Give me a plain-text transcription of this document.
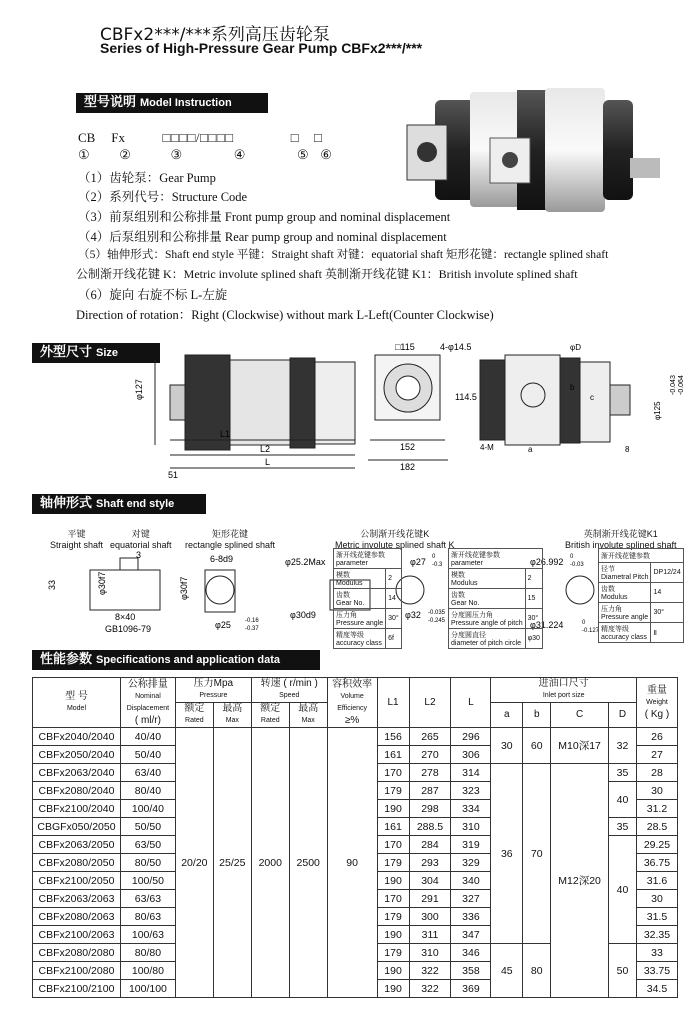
CBFx2***/***系列高压齿轮泵
Series of High-Pressure Gear Pump CBFx2***/***
型号说明 Model Instruction
CB Fx	□□□□/□□□□	□ □
① ②	③	④	⑤ ⑥
（1）齿轮泵：Gear Pump
（2）系列代号：Structure Code
（3）前泵组别和公称排量 Front pump group and nominal displacement
（4）后泵组别和公称排量 Rear pump group and nominal displacement
（5）轴伸形式：Shaft end style 平键：Straight shaft 对键：equatorial shaft 矩形花键：rectangle splined shaft
公制渐开线花键 K：Metric involute splined shaft 英制渐开线花键 K1：British involute splined shaft
（6）旋向 右旋不标 L-左旋
Direction of rotation：Right (Clockwise) without mark L-Left(Counter Clockwise)
外型尺寸 Size
φ127
L1
L2
L
51
□115	4-φ14.5
114.5
152
182
4-M	a
b
c
φD
φ125
-0.043 -0.064
8
轴伸形式 Shaft end style
平键
Straight shaft
对键
equatorial shaft
矩形花键
rectangle splined shaft
公制渐开线花键K
Metric involute splined shaft K
英制渐开线花键K1
British involute splined shaft
3
33	φ30f7
8×40
GB1096-79
6-8d9
φ30f7
φ25 -0.16
-0.37
φ25.2Max
φ30d9
φ27 0
-0.3
φ32 -0.035
-0.245
φ26.992 0
-0.03
φ31.224	0
-0.127
渐开线花键参数
parameter	
模数
Modulus	2
齿数
Gear No.	14
压力角
Pressure angle	30°
精度等级
accuracy class	6f
渐开线花键参数
parameter	
模数
Modulus	2
齿数
Gear No.	15
分度圆压力角
Pressure angle of pitch	30°
分度圆直径
diameter of pitch circle	φ30
渐开线花键参数	
径节
Diametral Pitch	DP12/24
齿数
Modulus	14
压力角
Pressure angle	30°
精度等级
accuracy class	Ⅱ
性能参数 Specifications and application data
型 号

Model	公称排量
Nominal Displacement
( ml/r)	压力Mpa
Pressure		转速 ( r/min )
Speed		容积效率
Volume Efficiency
≥%	L1	L2	L	进油口尺寸
Inlet port size				重量
Weight
( Kg )
		额定
Rated	最高
Max	额定
Rated	最高
Max					a	b	C	D	

CBFx2040/2040	40/40	20/20	25/25	2000	2500	90	156	265	296	30	60	M10深17	32	26
CBFx2050/2040	50/40						161	270	306					27
CBFx2063/2040	63/40						170	278	314	36	70	M12深20	35	28
CBFx2080/2040	80/40						179	287	323				40	30
CBFx2100/2040	100/40						190	298	334					31.2
CBGFx050/2050	50/50						161	288.5	310				35	28.5
CBFx2063/2050	63/50						170	284	319				40	29.25
CBFx2080/2050	80/50						179	293	329					36.75
CBFx2100/2050	100/50						190	304	340					31.6
CBFx2063/2063	63/63						170	291	327					30
CBFx2080/2063	80/63						179	300	336					31.5
CBFx2100/2063	100/63						190	311	347					32.35
CBFx2080/2080	80/80						179	310	346	45	80		50	33
CBFx2100/2080	100/80						190	322	358					33.75
CBFx2100/2100	100/100						190	322	369					34.5
